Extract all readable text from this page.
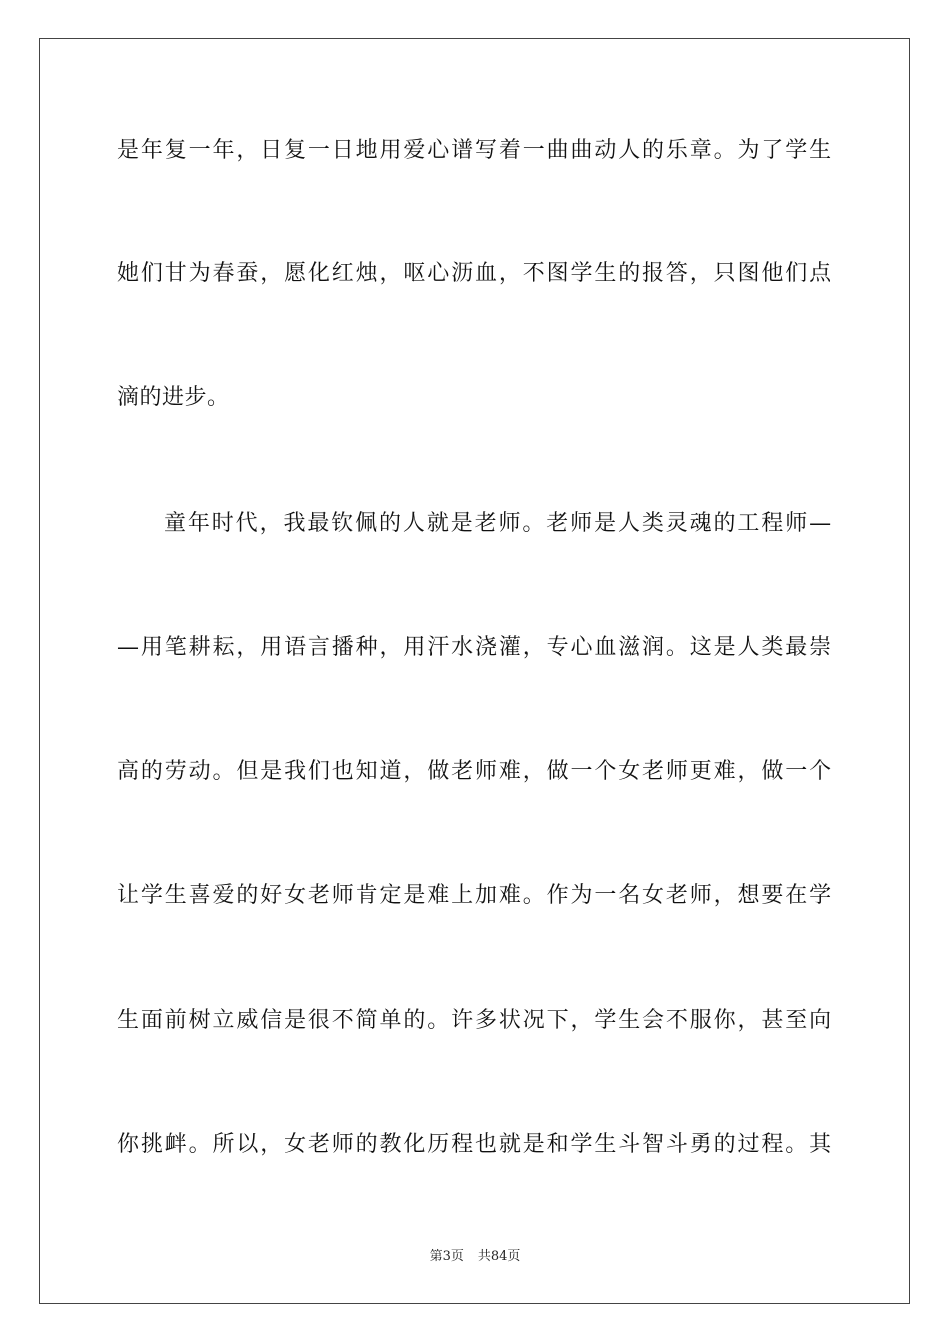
是年复一年，日复一日地用爱心谱写着一曲曲动人的乐章。为了学生
她们甘为春蚕，愿化红烛，呕心沥血，不图学生的报答，只图他们点
滴的进步。
童年时代，我最钦佩的人就是老师。老师是人类灵魂的工程师—
—用笔耕耘，用语言播种，用汗水浇灌，专心血滋润。这是人类最崇
高的劳动。但是我们也知道，做老师难，做一个女老师更难，做一个
让学生喜爱的好女老师肯定是难上加难。作为一名女老师，想要在学
生面前树立威信是很不简单的。许多状况下，学生会不服你，甚至向
你挑衅。所以，女老师的教化历程也就是和学生斗智斗勇的过程。其
第3页 共84页
